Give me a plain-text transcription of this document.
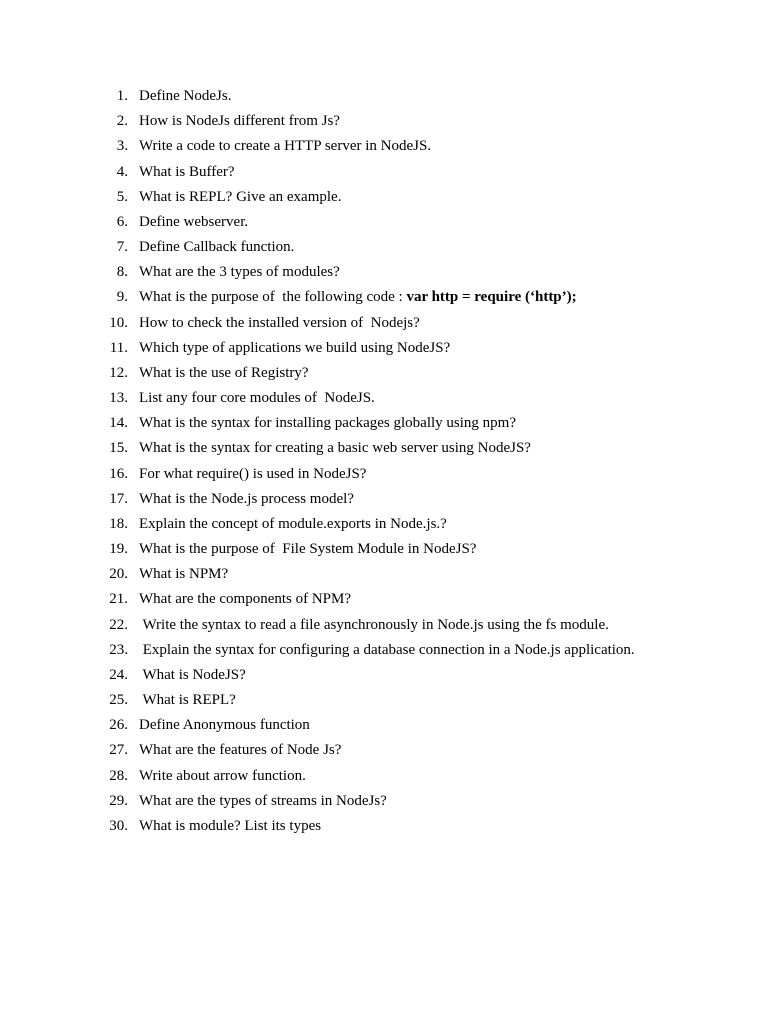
1. Define NodeJs.
2. How is NodeJs different from Js?
3. Write a code to create a HTTP server in NodeJS.
4. What is Buffer?
5. What is REPL? Give an example.
6. Define webserver.
7. Define Callback function.
8. What are the 3 types of modules?
9. What is the purpose of  the following code : var http = require (‘http’);
10. How to check the installed version of  Nodejs?
11. Which type of applications we build using NodeJS?
12. What is the use of Registry?
13. List any four core modules of  NodeJS.
14. What is the syntax for installing packages globally using npm?
15. What is the syntax for creating a basic web server using NodeJS?
16. For what require() is used in NodeJS?
17. What is the Node.js process model?
18. Explain the concept of module.exports in Node.js.?
19. What is the purpose of  File System Module in NodeJS?
20. What is NPM?
21. What are the components of NPM?
22. Write the syntax to read a file asynchronously in Node.js using the fs module.
23. Explain the syntax for configuring a database connection in a Node.js application.
24. What is NodeJS?
25. What is REPL?
26. Define Anonymous function
27. What are the features of Node Js?
28. Write about arrow function.
29. What are the types of streams in NodeJs?
30. What is module? List its types
